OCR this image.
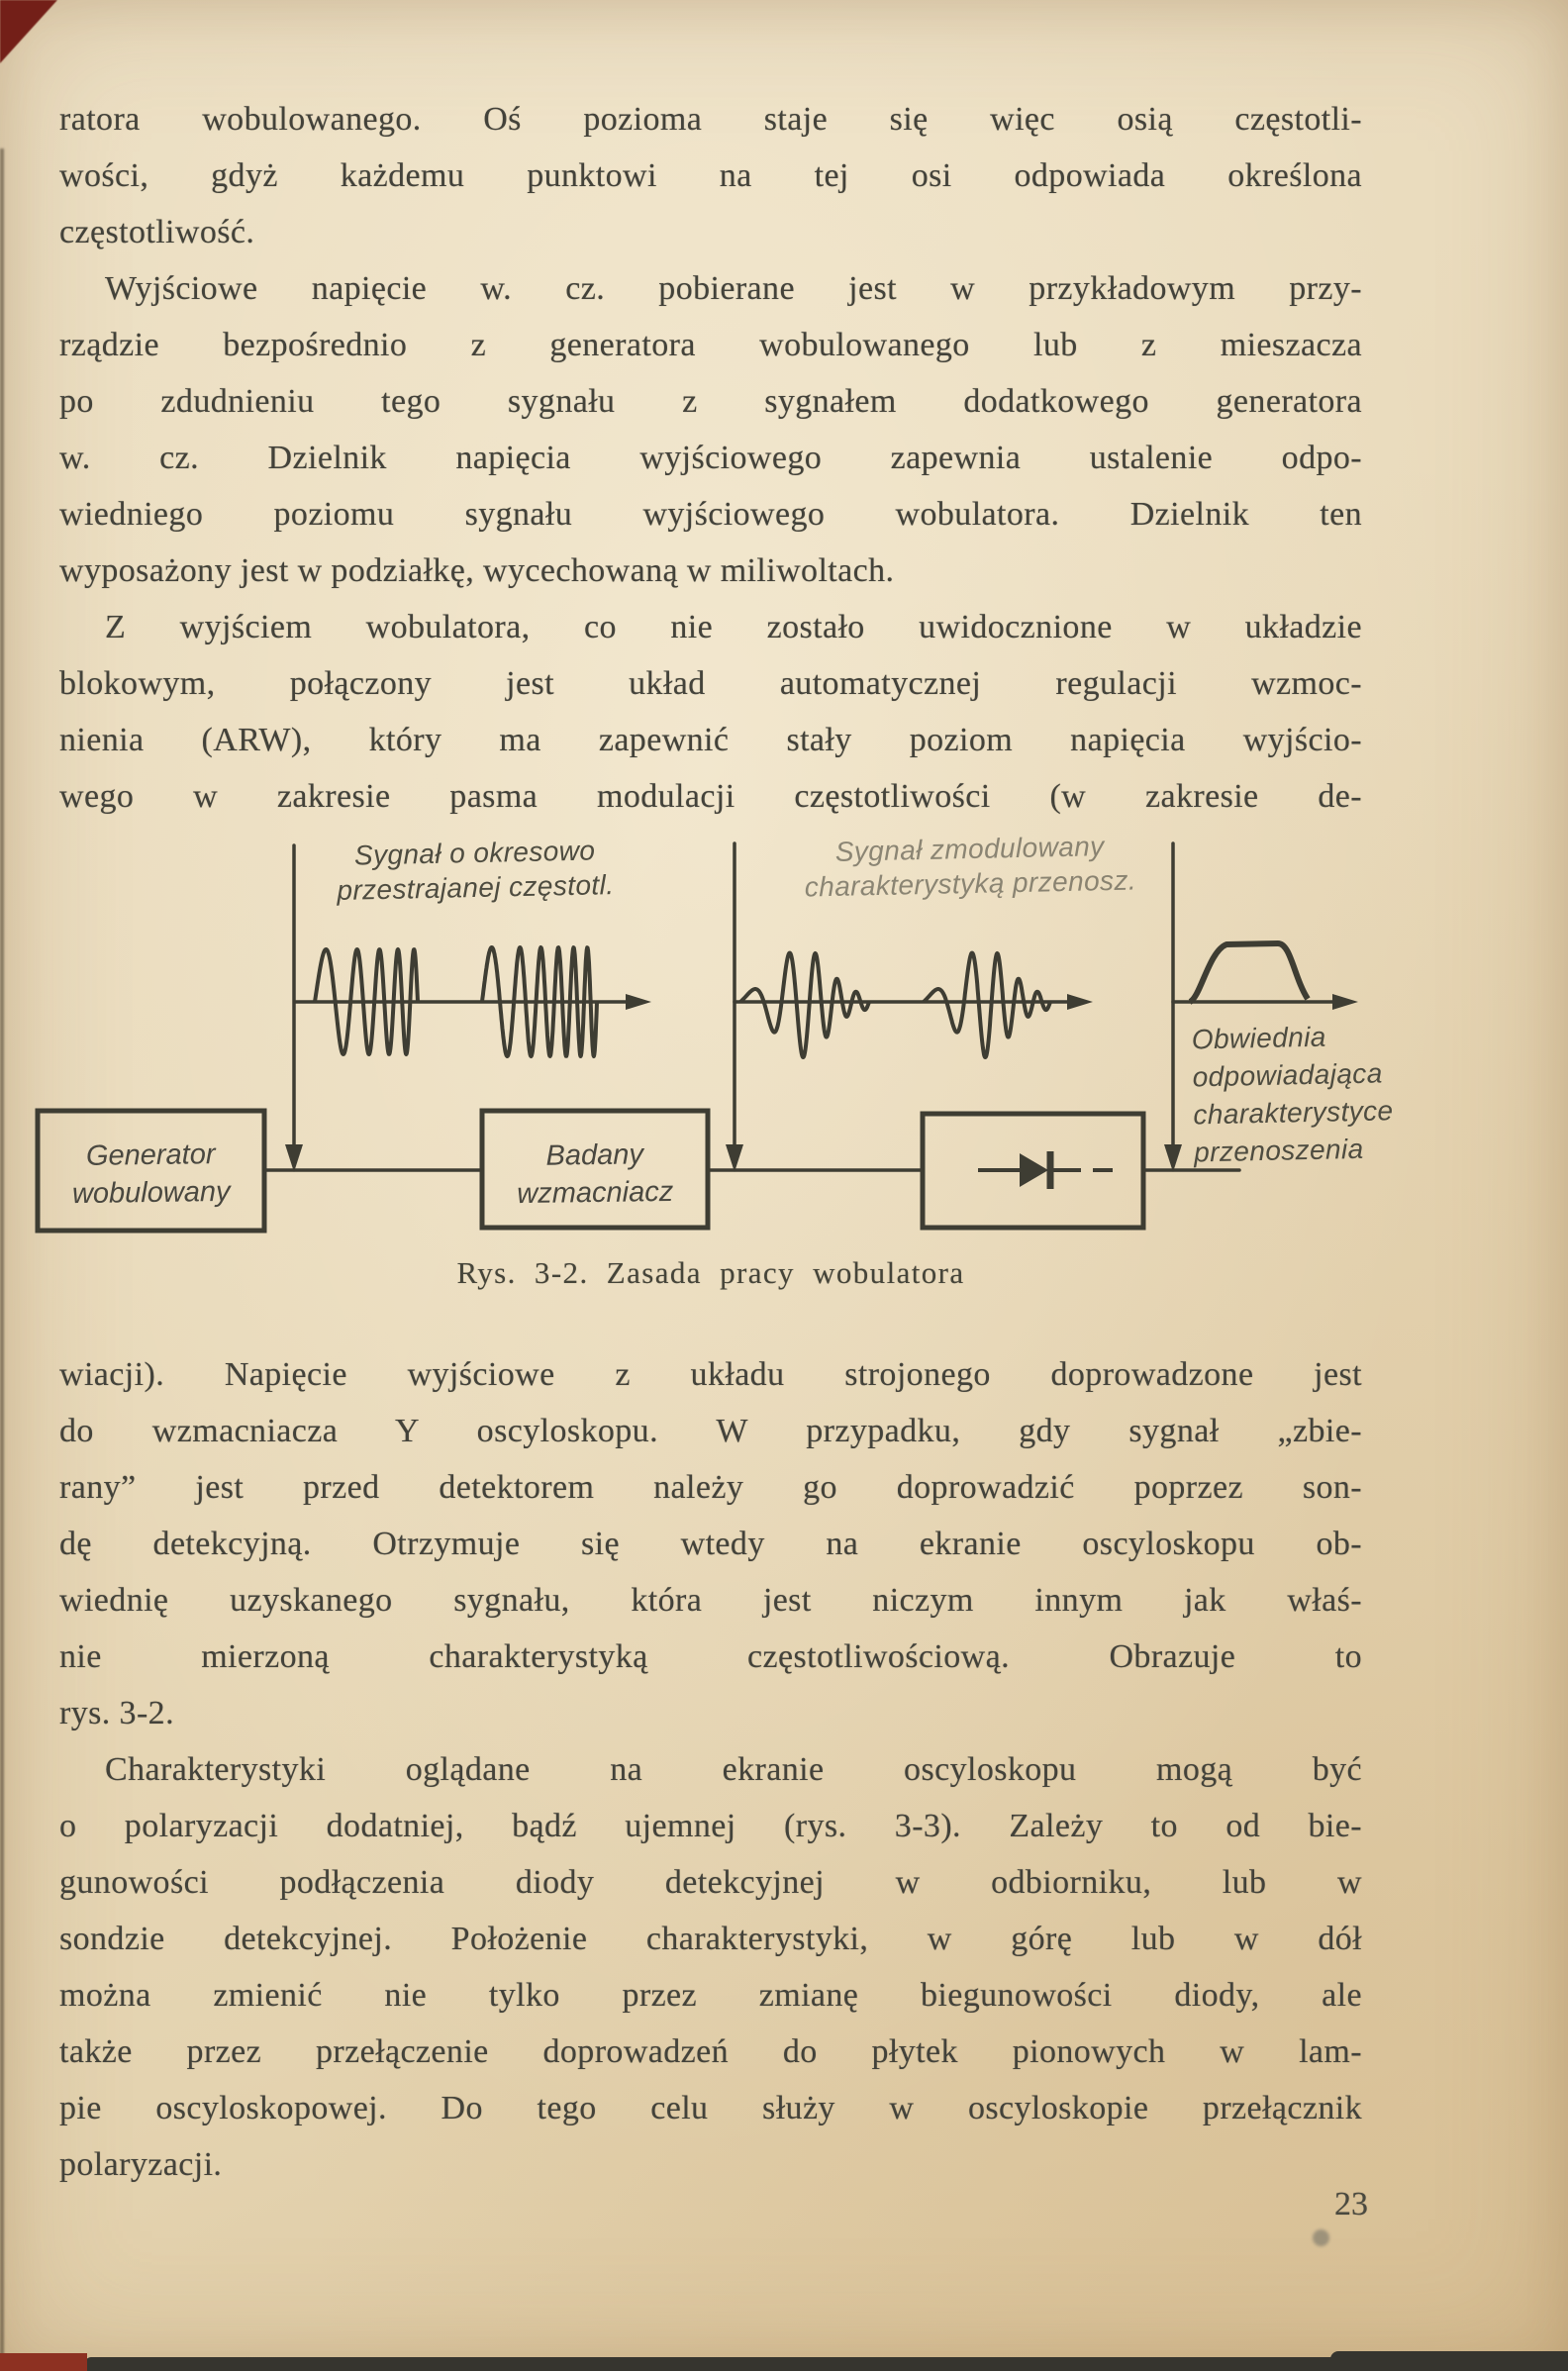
ratora wobulowanego. Oś pozioma staje się więc osią częstotli-
wości, gdyż każdemu punktowi na tej osi odpowiada określona
częstotliwość.
Wyjściowe napięcie w. cz. pobierane jest w przykładowym przy-
rządzie bezpośrednio z generatora wobulowanego lub z mieszacza
po zdudnieniu tego sygnału z sygnałem dodatkowego generatora
w. cz. Dzielnik napięcia wyjściowego zapewnia ustalenie odpo-
wiedniego poziomu sygnału wyjściowego wobulatora. Dzielnik ten
wyposażony jest w podziałkę, wycechowaną w miliwoltach.
Z wyjściem wobulatora, co nie zostało uwidocznione w układzie
blokowym, połączony jest układ automatycznej regulacji wzmoc-
nienia (ARW), który ma zapewnić stały poziom napięcia wyjścio-
wego w zakresie pasma modulacji częstotliwości (w zakresie de-
Sygnał o okresowo
przestrajanej częstotl.
Sygnał zmodulowany
charakterystyką przenosz.
Obwiednia
odpowiadająca
charakterystyce
przenoszenia
Generator
wobulowany
Badany
wzmacniacz
Rys. 3-2. Zasada pracy wobulatora
wiacji). Napięcie wyjściowe z układu strojonego doprowadzone jest
do wzmacniacza Y oscyloskopu. W przypadku, gdy sygnał „zbie-
rany” jest przed detektorem należy go doprowadzić poprzez son-
dę detekcyjną. Otrzymuje się wtedy na ekranie oscyloskopu ob-
wiednię uzyskanego sygnału, która jest niczym innym jak właś-
nie mierzoną charakterystyką częstotliwościową. Obrazuje to
rys. 3-2.
Charakterystyki oglądane na ekranie oscyloskopu mogą być
o polaryzacji dodatniej, bądź ujemnej (rys. 3-3). Zależy to od bie-
gunowości podłączenia diody detekcyjnej w odbiorniku, lub w
sondzie detekcyjnej. Położenie charakterystyki, w górę lub w dół
można zmienić nie tylko przez zmianę biegunowości diody, ale
także przez przełączenie doprowadzeń do płytek pionowych w lam-
pie oscyloskopowej. Do tego celu służy w oscyloskopie przełącznik
polaryzacji.
23
